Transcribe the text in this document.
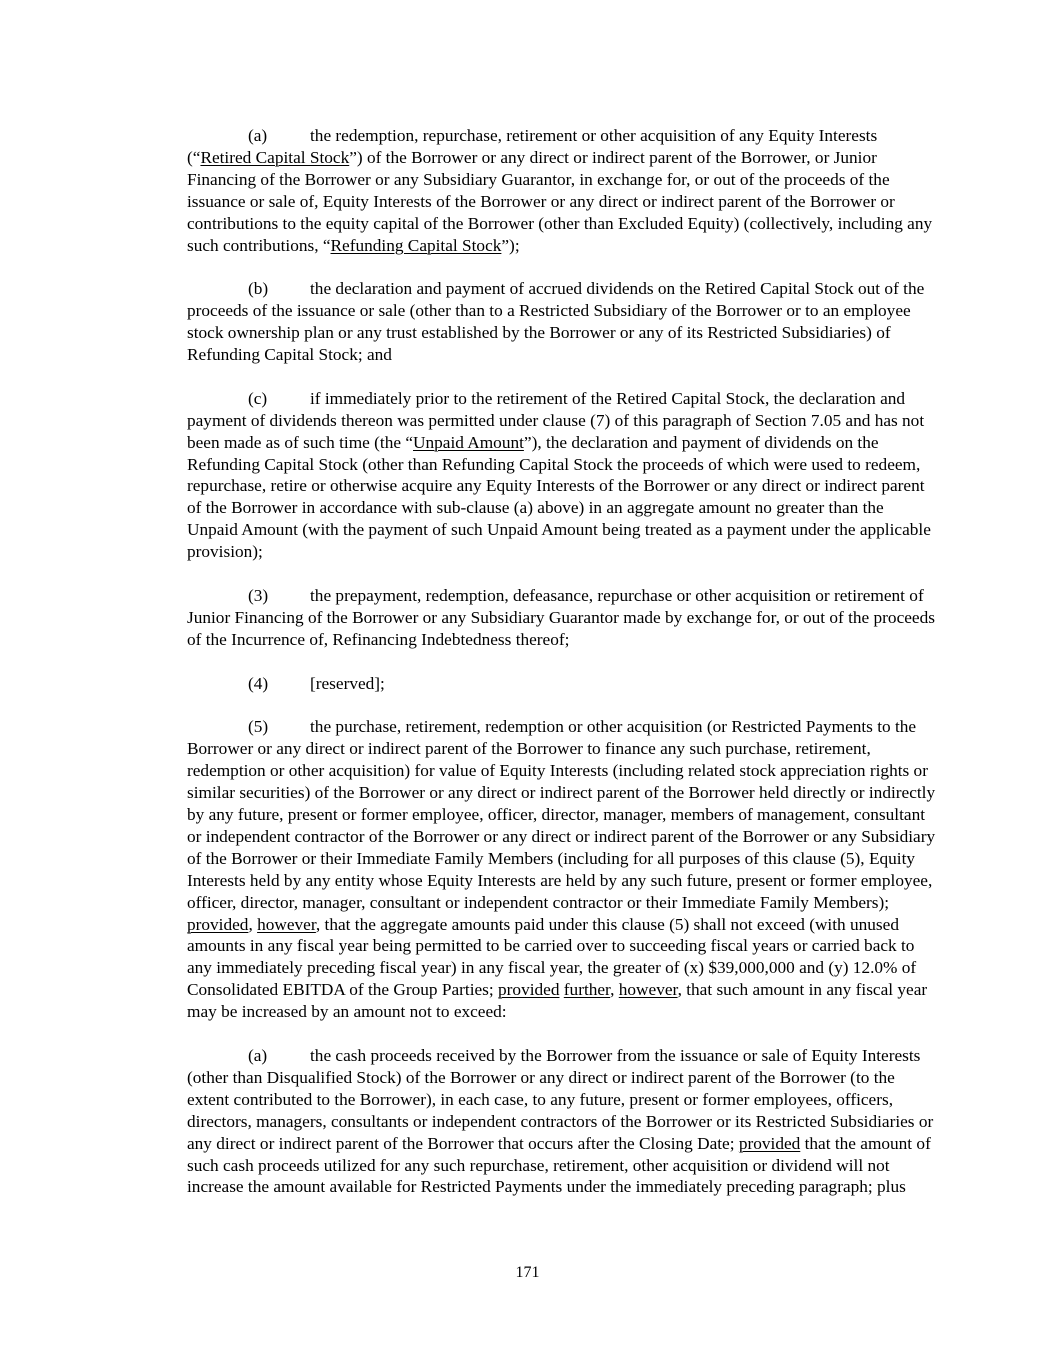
(a) the redemption, repurchase, retirement or other acquisition of any Equity Interests (“Retired Capital Stock”) of the Borrower or any direct or indirect parent of the Borrower, or Junior Financing of the Borrower or any Subsidiary Guarantor, in exchange for, or out of the proceeds of the issuance or sale of, Equity Interests of the Borrower or any direct or indirect parent of the Borrower or contributions to the equity capital of the Borrower (other than Excluded Equity) (collectively, including any such contributions, “Refunding Capital Stock”);

(b) the declaration and payment of accrued dividends on the Retired Capital Stock out of the proceeds of the issuance or sale (other than to a Restricted Subsidiary of the Borrower or to an employee stock ownership plan or any trust established by the Borrower or any of its Restricted Subsidiaries) of Refunding Capital Stock; and

(c) if immediately prior to the retirement of the Retired Capital Stock, the declaration and payment of dividends thereon was permitted under clause (7) of this paragraph of Section 7.05 and has not been made as of such time (the “Unpaid Amount”), the declaration and payment of dividends on the Refunding Capital Stock (other than Refunding Capital Stock the proceeds of which were used to redeem, repurchase, retire or otherwise acquire any Equity Interests of the Borrower or any direct or indirect parent of the Borrower in accordance with sub-clause (a) above) in an aggregate amount no greater than the Unpaid Amount (with the payment of such Unpaid Amount being treated as a payment under the applicable provision);

(3) the prepayment, redemption, defeasance, repurchase or other acquisition or retirement of Junior Financing of the Borrower or any Subsidiary Guarantor made by exchange for, or out of the proceeds of the Incurrence of, Refinancing Indebtedness thereof;

(4) [reserved];

(5) the purchase, retirement, redemption or other acquisition (or Restricted Payments to the Borrower or any direct or indirect parent of the Borrower to finance any such purchase, retirement, redemption or other acquisition) for value of Equity Interests (including related stock appreciation rights or similar securities) of the Borrower or any direct or indirect parent of the Borrower held directly or indirectly by any future, present or former employee, officer, director, manager, members of management, consultant or independent contractor of the Borrower or any direct or indirect parent of the Borrower or any Subsidiary of the Borrower or their Immediate Family Members (including for all purposes of this clause (5), Equity Interests held by any entity whose Equity Interests are held by any such future, present or former employee, officer, director, manager, consultant or independent contractor or their Immediate Family Members); provided, however, that the aggregate amounts paid under this clause (5) shall not exceed (with unused amounts in any fiscal year being permitted to be carried over to succeeding fiscal years or carried back to any immediately preceding fiscal year) in any fiscal year, the greater of (x) $39,000,000 and (y) 12.0% of Consolidated EBITDA of the Group Parties; provided further, however, that such amount in any fiscal year may be increased by an amount not to exceed:

(a) the cash proceeds received by the Borrower from the issuance or sale of Equity Interests (other than Disqualified Stock) of the Borrower or any direct or indirect parent of the Borrower (to the extent contributed to the Borrower), in each case, to any future, present or former employees, officers, directors, managers, consultants or independent contractors of the Borrower or its Restricted Subsidiaries or any direct or indirect parent of the Borrower that occurs after the Closing Date; provided that the amount of such cash proceeds utilized for any such repurchase, retirement, other acquisition or dividend will not increase the amount available for Restricted Payments under the immediately preceding paragraph; plus

171
